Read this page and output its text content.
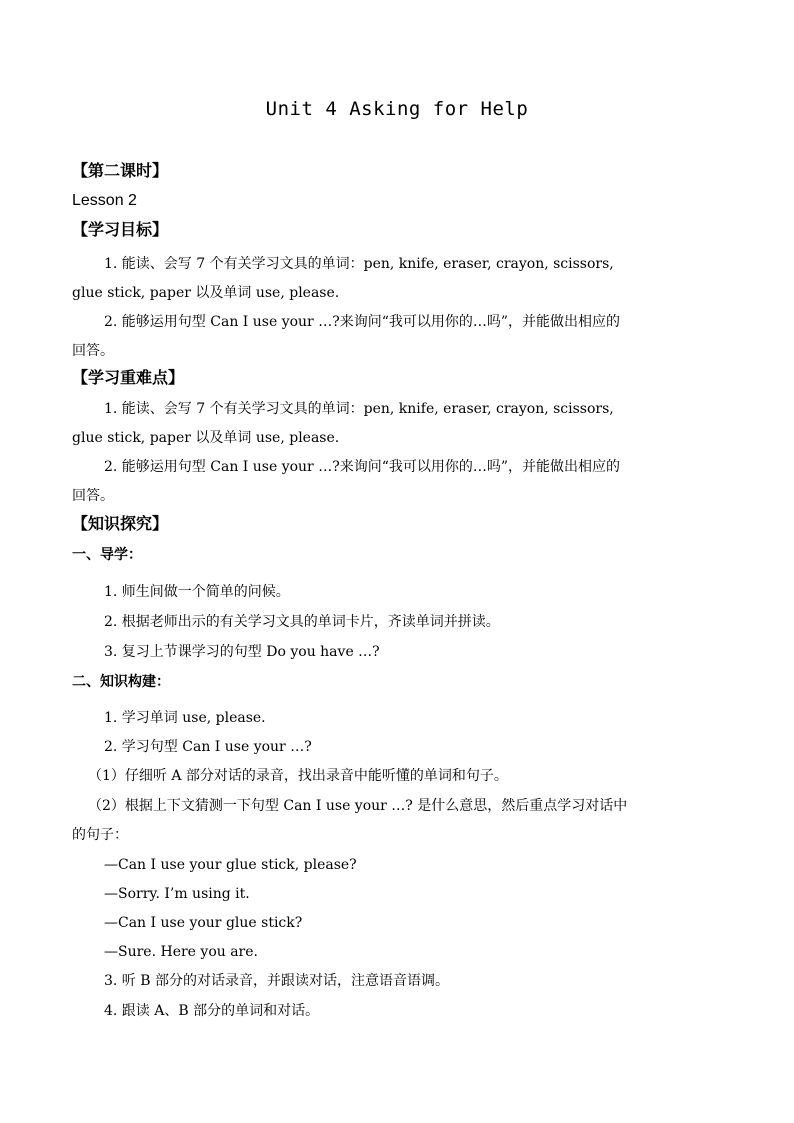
Unit 4 Asking for Help
【第二课时】
Lesson 2
【学习目标】
1. 能读、会写 7 个有关学习文具的单词：pen, knife, eraser, crayon, scissors,
glue stick, paper 以及单词 use, please.
2. 能够运用句型 Can I use your …?来询问“我可以用你的…吗”，并能做出相应的
回答。
【学习重难点】
1. 能读、会写 7 个有关学习文具的单词：pen, knife, eraser, crayon, scissors,
glue stick, paper 以及单词 use, please.
2. 能够运用句型 Can I use your …?来询问“我可以用你的…吗”，并能做出相应的
回答。
【知识探究】
一、导学：
1. 师生间做一个简单的问候。
2. 根据老师出示的有关学习文具的单词卡片，齐读单词并拼读。
3. 复习上节课学习的句型 Do you have …?
二、知识构建：
1. 学习单词 use, please.
2. 学习句型 Can I use your …?
（1）仔细听 A 部分对话的录音，找出录音中能听懂的单词和句子。
（2）根据上下文猜测一下句型 Can I use your …? 是什么意思，然后重点学习对话中
的句子：
—Can I use your glue stick, please?
—Sorry. I’m using it.
—Can I use your glue stick?
—Sure. Here you are.
3. 听 B 部分的对话录音，并跟读对话，注意语音语调。
4. 跟读 A、B 部分的单词和对话。
